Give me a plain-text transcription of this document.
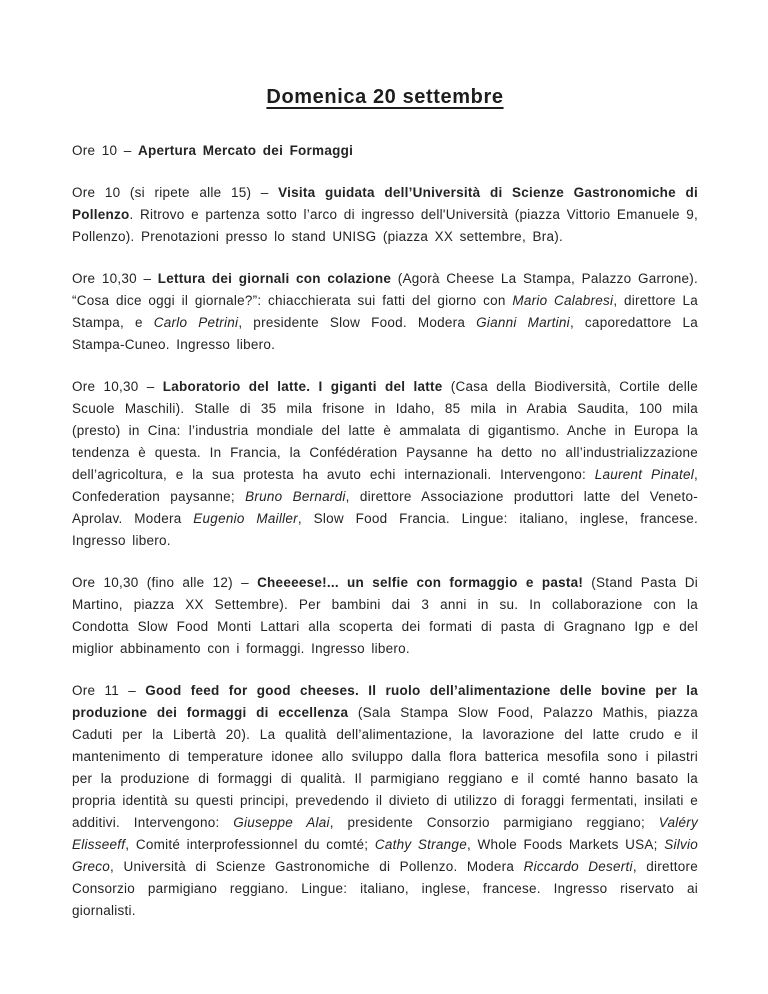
Domenica 20 settembre

Ore 10 – Apertura Mercato dei Formaggi

Ore 10 (si ripete alle 15) – Visita guidata dell’Università di Scienze Gastronomiche di Pollenzo. Ritrovo e partenza sotto l’arco di ingresso dell'Università (piazza Vittorio Emanuele 9, Pollenzo). Prenotazioni presso lo stand UNISG (piazza XX settembre, Bra).

Ore 10,30 – Lettura dei giornali con colazione (Agorà Cheese La Stampa, Palazzo Garrone). “Cosa dice oggi il giornale?”: chiacchierata sui fatti del giorno con Mario Calabresi, direttore La Stampa, e Carlo Petrini, presidente Slow Food. Modera Gianni Martini, caporedattore La Stampa-Cuneo. Ingresso libero.

Ore 10,30 – Laboratorio del latte. I giganti del latte (Casa della Biodiversità, Cortile delle Scuole Maschili). Stalle di 35 mila frisone in Idaho, 85 mila in Arabia Saudita, 100 mila (presto) in Cina: l’industria mondiale del latte è ammalata di gigantismo. Anche in Europa la tendenza è questa. In Francia, la Confédération Paysanne ha detto no all’industrializzazione dell’agricoltura, e la sua protesta ha avuto echi internazionali. Intervengono: Laurent Pinatel, Confederation paysanne; Bruno Bernardi, direttore Associazione produttori latte del Veneto-Aprolav. Modera Eugenio Mailler, Slow Food Francia. Lingue: italiano, inglese, francese. Ingresso libero.

Ore 10,30 (fino alle 12) – Cheeeese!... un selfie con formaggio e pasta! (Stand Pasta Di Martino, piazza XX Settembre). Per bambini dai 3 anni in su. In collaborazione con la Condotta Slow Food Monti Lattari alla scoperta dei formati di pasta di Gragnano Igp e del miglior abbinamento con i formaggi. Ingresso libero.

Ore 11 – Good feed for good cheeses. Il ruolo dell’alimentazione delle bovine per la produzione dei formaggi di eccellenza (Sala Stampa Slow Food, Palazzo Mathis, piazza Caduti per la Libertà 20). La qualità dell’alimentazione, la lavorazione del latte crudo e il mantenimento di temperature idonee allo sviluppo dalla flora batterica mesofila sono i pilastri per la produzione di formaggi di qualità. Il parmigiano reggiano e il comté hanno basato la propria identità su questi principi, prevedendo il divieto di utilizzo di foraggi fermentati, insilati e additivi. Intervengono: Giuseppe Alai, presidente Consorzio parmigiano reggiano; Valéry Elisseeff, Comité interprofessionnel du comté; Cathy Strange, Whole Foods Markets USA; Silvio Greco, Università di Scienze Gastronomiche di Pollenzo. Modera Riccardo Deserti, direttore Consorzio parmigiano reggiano. Lingue: italiano, inglese, francese. Ingresso riservato ai giornalisti.
